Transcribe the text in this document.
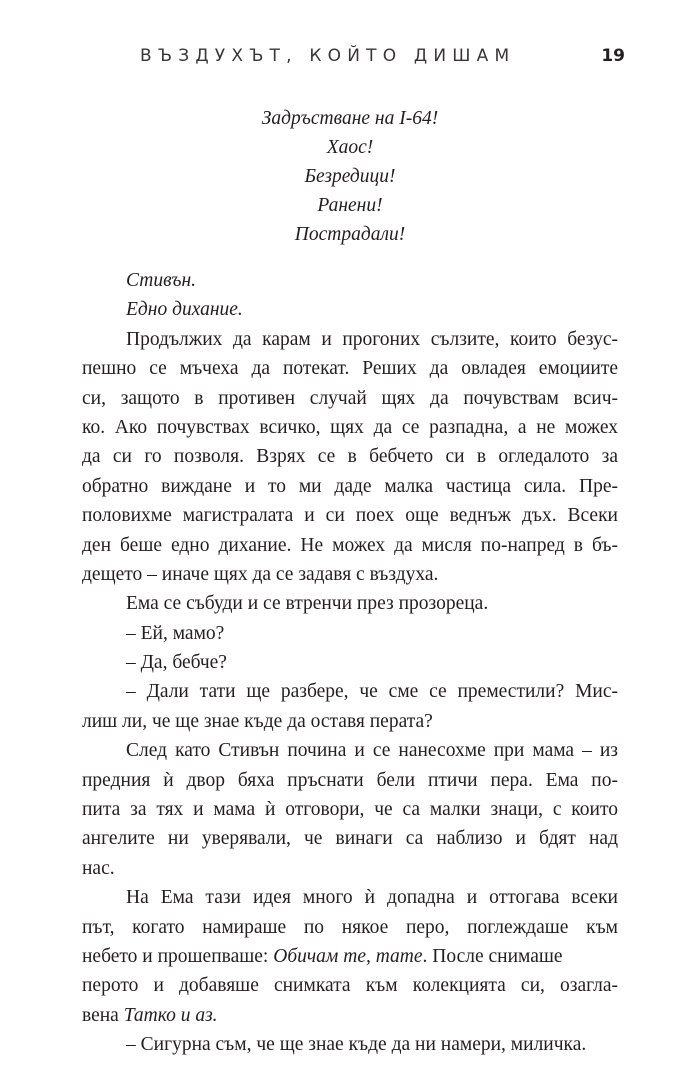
ВЪЗДУХЪТ, КОЙТО ДИШАМ	19
Задръстване на I-64!
Хаос!
Безредици!
Ранени!
Пострадали!
Стивън.
Едно дихание.
Продължих да карам и прогоних сълзите, които безус-
пешно се мъчеха да потекат. Реших да овладея емоциите
си, защото в противен случай щях да почувствам всич-
ко. Ако почувствах всичко, щях да се разпадна, а не можех
да си го позволя. Взрях се в бебчето си в огледалото за
обратно виждане и то ми даде малка частица сила. Пре-
половихме магистралата и си поех още веднъж дъх. Всеки
ден беше едно дихание. Не можех да мисля по-напред в бъ-
дещето – иначе щях да се задавя с въздуха.
Ема се събуди и се втренчи през прозореца.
– Ей, мамо?
– Да, бебче?
– Дали тати ще разбере, че сме се преместили? Мис-
лиш ли, че ще знае къде да оставя перата?
След като Стивън почина и се нанесохме при мама – из
предния ѝ двор бяха пръснати бели птичи пера. Ема по-
пита за тях и мама ѝ отговори, че са малки знаци, с които
ангелите ни уверявали, че винаги са наблизо и бдят над
нас.
На Ема тази идея много ѝ допадна и оттогава всеки
път, когато намираше по някое перо, поглеждаше към
небето и прошепваше: Обичам те, тате. После снимаше
перото и добавяше снимката към колекцията си, озаглa-
вена Татко и аз.
– Сигурна съм, че ще знае къде да ни намери, миличка.
